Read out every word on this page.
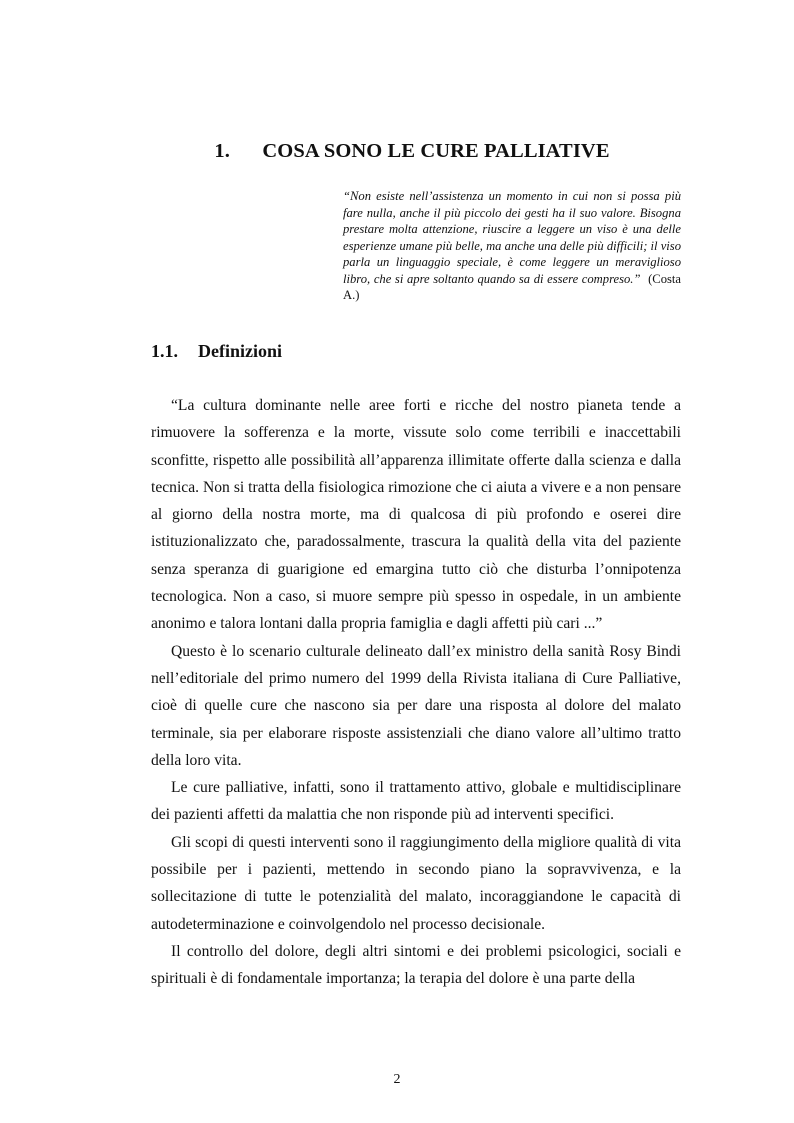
1. COSA SONO LE CURE PALLIATIVE

“Non esiste nell’assistenza un momento in cui non si possa più fare nulla, anche il più piccolo dei gesti ha il suo valore. Bisogna prestare molta attenzione, riuscire a leggere un viso è una delle esperienze umane più belle, ma anche una delle più difficili; il viso parla un linguaggio speciale, è come leggere un meraviglioso libro, che si apre soltanto quando sa di essere compreso.” (Costa A.)

1.1. Definizioni

“La cultura dominante nelle aree forti e ricche del nostro pianeta tende a rimuovere la sofferenza e la morte, vissute solo come terribili e inaccettabili sconfitte, rispetto alle possibilità all’apparenza illimitate offerte dalla scienza e dalla tecnica. Non si tratta della fisiologica rimozione che ci aiuta a vivere e a non pensare al giorno della nostra morte, ma di qualcosa di più profondo e oserei dire istituzionalizzato che, paradossalmente, trascura la qualità della vita del paziente senza speranza di guarigione ed emargina tutto ciò che disturba l’onnipotenza tecnologica. Non a caso, si muore sempre più spesso in ospedale, in un ambiente anonimo e talora lontani dalla propria famiglia e dagli affetti più cari ...”

Questo è lo scenario culturale delineato dall’ex ministro della sanità Rosy Bindi nell’editoriale del primo numero del 1999 della Rivista italiana di Cure Palliative, cioè di quelle cure che nascono sia per dare una risposta al dolore del malato terminale, sia per elaborare risposte assistenziali che diano valore all’ultimo tratto della loro vita.

Le cure palliative, infatti, sono il trattamento attivo, globale e multidisciplinare dei pazienti affetti da malattia che non risponde più ad interventi specifici.

Gli scopi di questi interventi sono il raggiungimento della migliore qualità di vita possibile per i pazienti, mettendo in secondo piano la sopravvivenza, e la sollecitazione di tutte le potenzialità del malato, incoraggiandone le capacità di autodeterminazione e coinvolgendolo nel processo decisionale.

Il controllo del dolore, degli altri sintomi e dei problemi psicologici, sociali e spirituali è di fondamentale importanza; la terapia del dolore è una parte della

2
